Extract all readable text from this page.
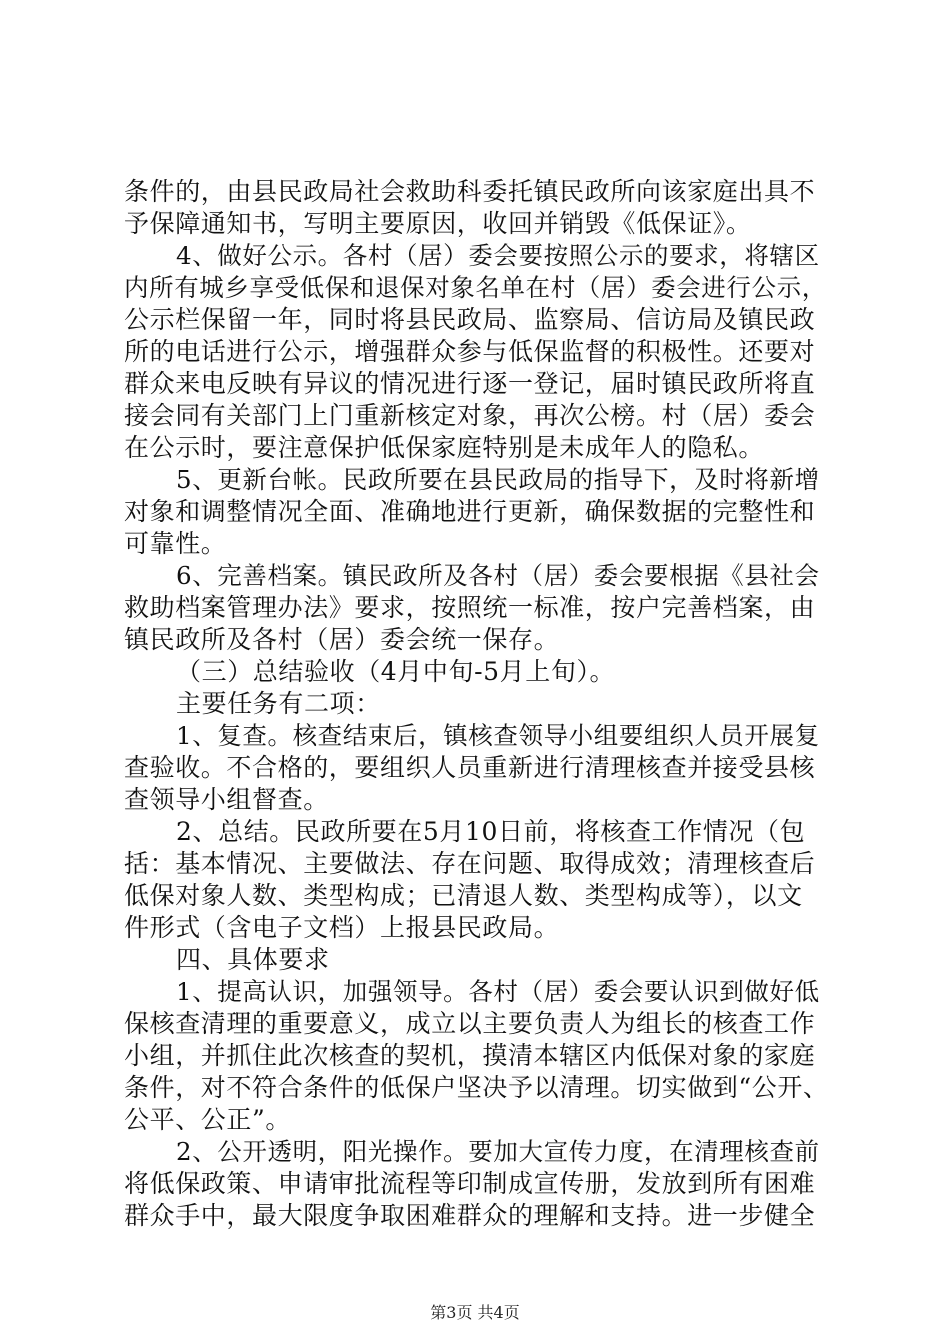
条件的，由县民政局社会救助科委托镇民政所向该家庭出具不
予保障通知书，写明主要原因，收回并销毁《低保证》。
4、做好公示。各村（居）委会要按照公示的要求，将辖区
内所有城乡享受低保和退保对象名单在村（居）委会进行公示，
公示栏保留一年，同时将县民政局、监察局、信访局及镇民政
所的电话进行公示，增强群众参与低保监督的积极性。还要对
群众来电反映有异议的情况进行逐一登记，届时镇民政所将直
接会同有关部门上门重新核定对象，再次公榜。村（居）委会
在公示时，要注意保护低保家庭特别是未成年人的隐私。
5、更新台帐。民政所要在县民政局的指导下，及时将新增
对象和调整情况全面、准确地进行更新，确保数据的完整性和
可靠性。
6、完善档案。镇民政所及各村（居）委会要根据《县社会
救助档案管理办法》要求，按照统一标准，按户完善档案，由
镇民政所及各村（居）委会统一保存。
（三）总结验收（4月中旬-5月上旬）。
主要任务有二项：
1、复查。核查结束后，镇核查领导小组要组织人员开展复
查验收。不合格的，要组织人员重新进行清理核查并接受县核
查领导小组督查。
2、总结。民政所要在5月10日前，将核查工作情况（包
括：基本情况、主要做法、存在问题、取得成效；清理核查后
低保对象人数、类型构成；已清退人数、类型构成等），以文
件形式（含电子文档）上报县民政局。
四、具体要求
1、提高认识，加强领导。各村（居）委会要认识到做好低
保核查清理的重要意义，成立以主要负责人为组长的核查工作
小组，并抓住此次核查的契机，摸清本辖区内低保对象的家庭
条件，对不符合条件的低保户坚决予以清理。切实做到“公开、
公平、公正”。
2、公开透明，阳光操作。要加大宣传力度，在清理核查前
将低保政策、申请审批流程等印制成宣传册，发放到所有困难
群众手中，最大限度争取困难群众的理解和支持。进一步健全
第3页 共4页
